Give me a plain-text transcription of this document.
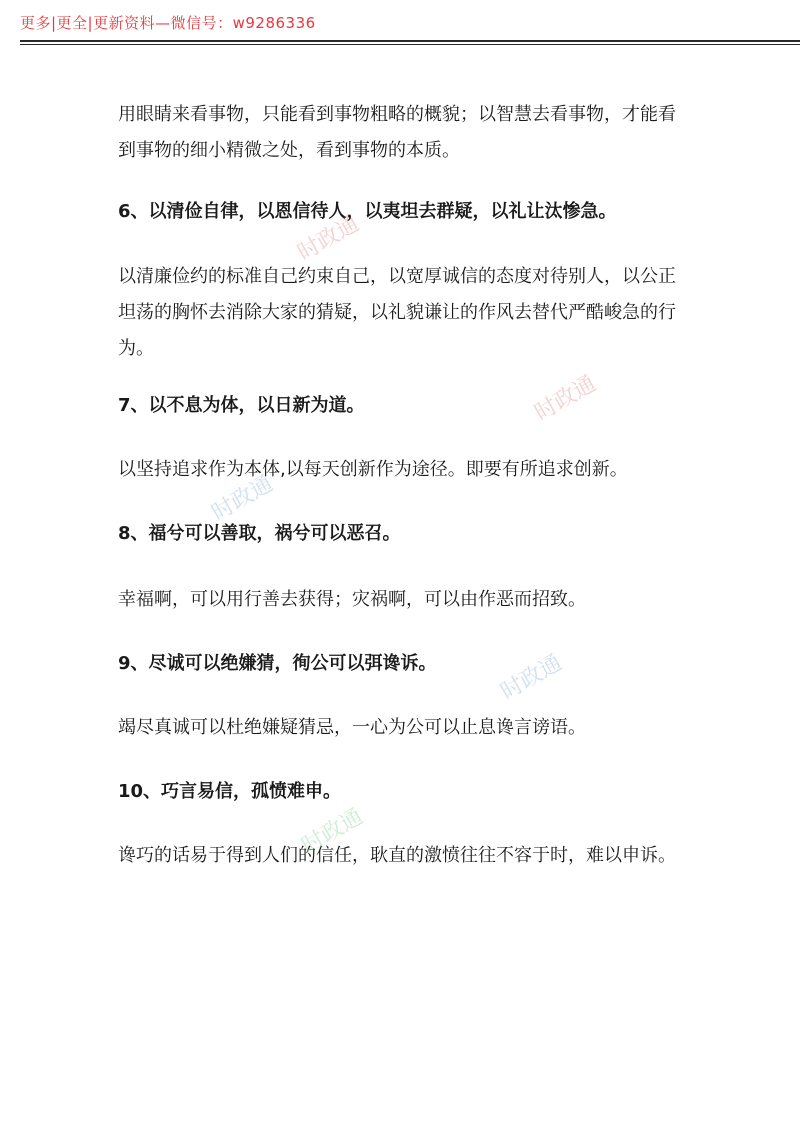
更多|更全|更新资料—微信号：w9286336

用眼睛来看事物，只能看到事物粗略的概貌；以智慧去看事物，才能看到事物的细小精微之处，看到事物的本质。

6、以清俭自律，以恩信待人，以夷坦去群疑，以礼让汰惨急。

以清廉俭约的标准自己约束自己，以宽厚诚信的态度对待别人，以公正坦荡的胸怀去消除大家的猜疑，以礼貌谦让的作风去替代严酷峻急的行为。

7、以不息为体，以日新为道。

以坚持追求作为本体,以每天创新作为途径。即要有所追求创新。

8、福兮可以善取，祸兮可以恶召。

幸福啊，可以用行善去获得；灾祸啊，可以由作恶而招致。

9、尽诚可以绝嫌猜，徇公可以弭谗诉。

竭尽真诚可以杜绝嫌疑猜忌，一心为公可以止息谗言谤语。

10、巧言易信，孤愤难申。

谗巧的话易于得到人们的信任，耿直的激愤往往不容于时，难以申诉。

时政通
时政通
时政通
时政通
时政通
